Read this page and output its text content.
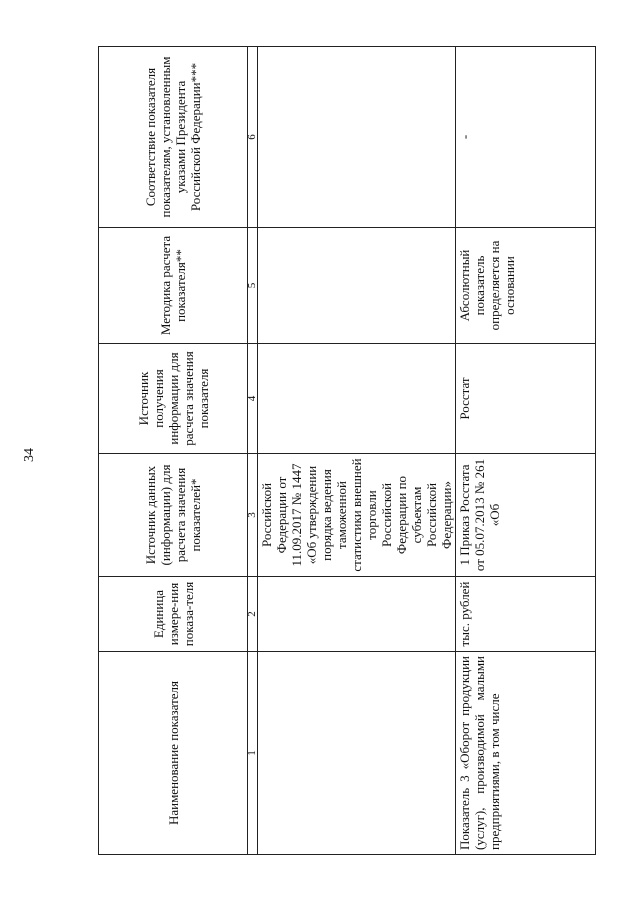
34
Наименование показателя	Единица измере-ния показа-теля	Источник данных (информации) для расчета значения показателей*	Источник получения информации для расчета значения показателя	Методика расчета показателя**	Соответствие показателя показателям, установленным указами Президента Российской Федерации***
1	2	3	4	5	6
		Российской Федерации от 11.09.2017 № 1447 «Об утверждении порядка ведения таможенной статистики внешней торговли Российской Федерации по субъектам Российской Федерации»			
Показатель 3 «Оборот продукции (услуг), производимой малыми предприятиями, в том числе	тыс. рублей	1 Приказ Росстата от 05.07.2013 № 261 «Об	Росстат	Абсолютный показатель определяется на основании	-
